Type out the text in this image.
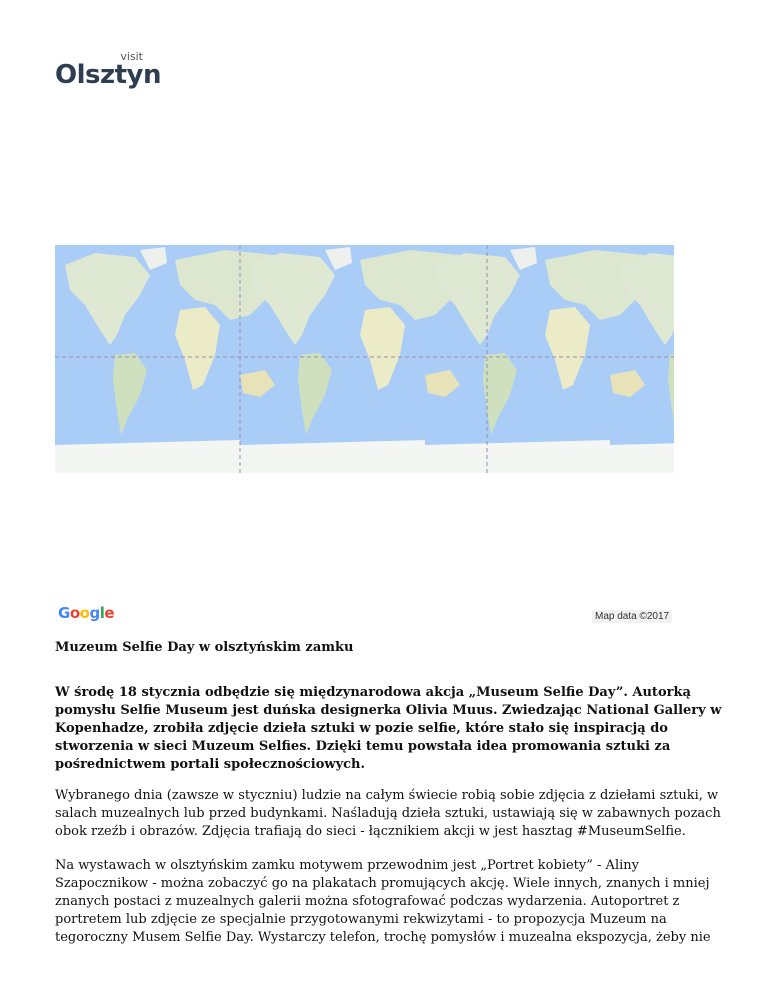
visit
Olsztyn
Google	Map data ©2017
Muzeum Selfie Day w olsztyńskim zamku

W środę 18 stycznia odbędzie się międzynarodowa akcja „Museum Selfie Day”. Autorką pomysłu Selfie Museum jest duńska designerka Olivia Muus. Zwiedzając National Gallery w Kopenhadze, zrobiła zdjęcie dzieła sztuki w pozie selfie, które stało się inspiracją do stworzenia w sieci Muzeum Selfies. Dzięki temu powstała idea promowania sztuki za pośrednictwem portali społecznościowych.

Wybranego dnia (zawsze w styczniu) ludzie na całym świecie robią sobie zdjęcia z dziełami sztuki, w salach muzealnych lub przed budynkami. Naśladują dzieła sztuki, ustawiają się w zabawnych pozach obok rzeźb i obrazów. Zdjęcia trafiają do sieci - łącznikiem akcji w jest hasztag #MuseumSelfie.

Na wystawach w olsztyńskim zamku motywem przewodnim jest „Portret kobiety” - Aliny Szapocznikow - można zobaczyć go na plakatach promujących akcję. Wiele innych, znanych i mniej znanych postaci z muzealnych galerii można sfotografować podczas wydarzenia. Autoportret z portretem lub zdjęcie ze specjalnie przygotowanymi rekwizytami - to propozycja Muzeum na tegoroczny Musem Selfie Day. Wystarczy telefon, trochę pomysłów i muzealna ekspozycja, żeby nie
